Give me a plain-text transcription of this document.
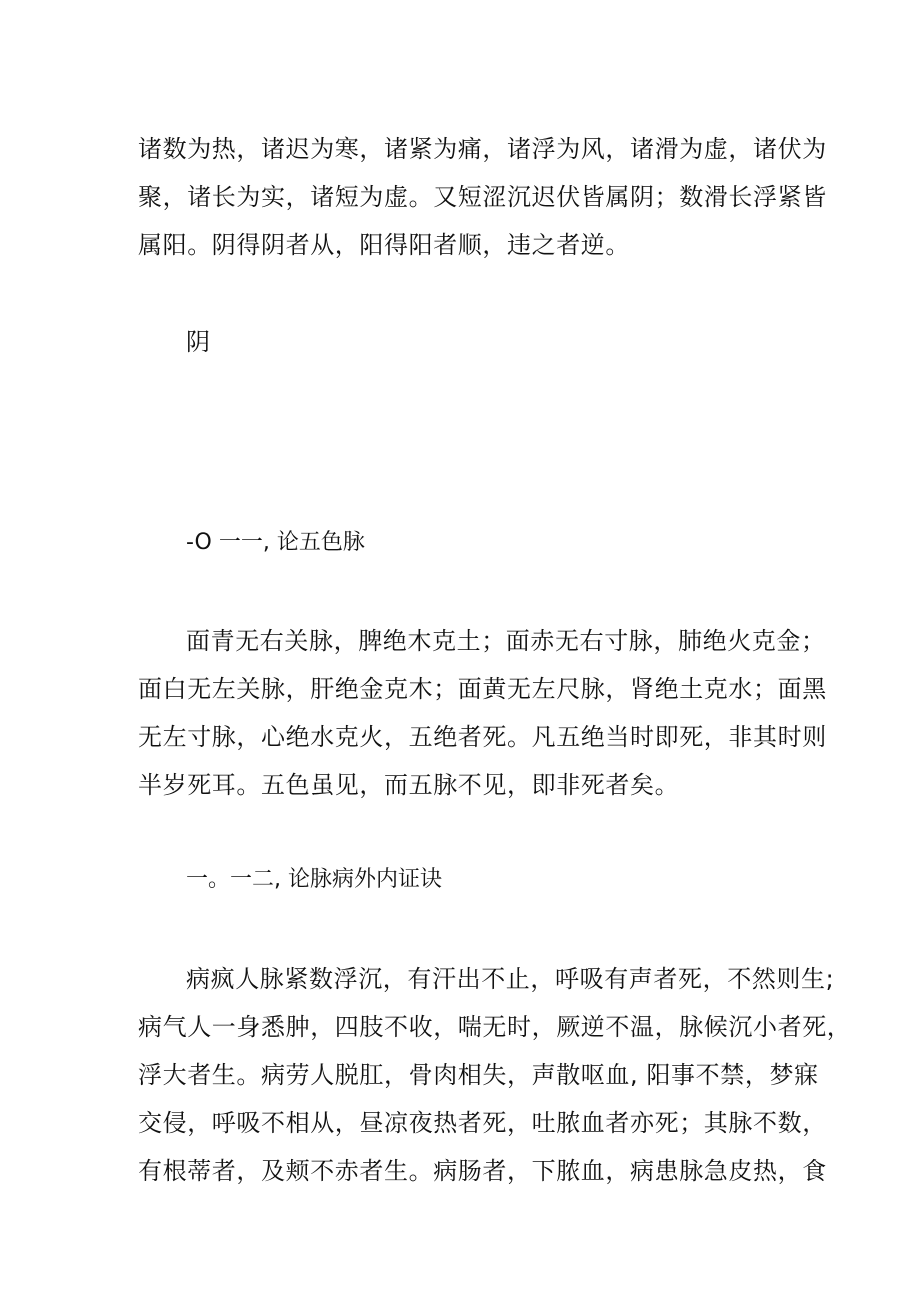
诸数为热，诸迟为寒，诸紧为痛，诸浮为风，诸滑为虚，诸伏为
聚，诸长为实，诸短为虚。又短涩沉迟伏皆属阴；数滑长浮紧皆
属阳。阴得阴者从，阳得阳者顺，违之者逆。
阴
-O 一一, 论五色脉
面青无右关脉，脾绝木克土；面赤无右寸脉，肺绝火克金；
面白无左关脉，肝绝金克木；面黄无左尺脉，肾绝土克水；面黑
无左寸脉，心绝水克火，五绝者死。凡五绝当时即死，非其时则
半岁死耳。五色虽见，而五脉不见，即非死者矣。
一。一二, 论脉病外内证诀
病疯人脉紧数浮沉，有汗出不止，呼吸有声者死，不然则生;
病气人一身悉肿，四肢不收，喘无时，厥逆不温，脉候沉小者死，
浮大者生。病劳人脱肛，骨肉相失，声散呕血, 阳事不禁，梦寐
交侵，呼吸不相从，昼凉夜热者死，吐脓血者亦死；其脉不数，
有根蒂者，及颊不赤者生。病肠者，下脓血，病患脉急皮热，食
